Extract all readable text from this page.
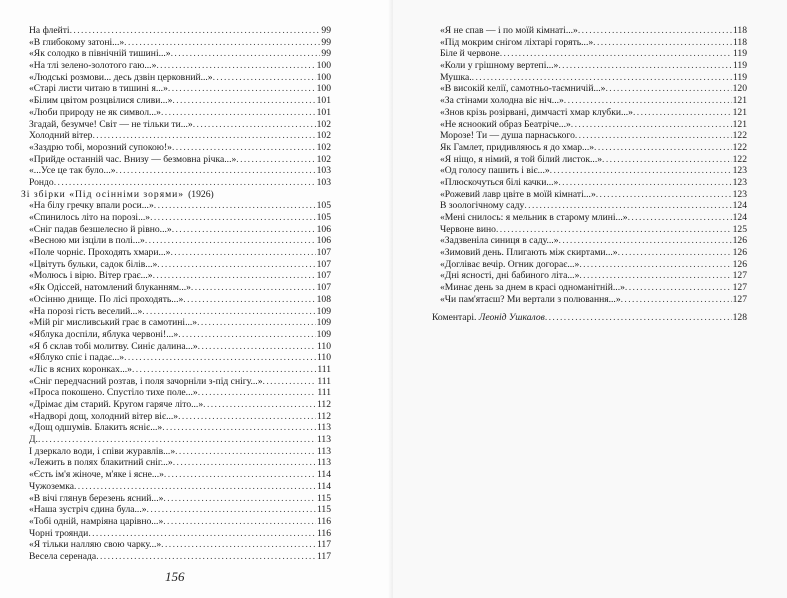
На флейті .....	99
«В глибокому затоні...» .....	99
«Як солодко в північній тишині...» .....	99
«На тлі зелено-золотого гаю...» .....	100
«Людські розмови... десь дзвін церковний...» .....	100
«Старі листи читаю в тишині я...» .....	100
«Білим цвітом розцвілися сливи...» .....	101
«Люби природу не як символ...» .....	101
Згадай, безумче! Світ — не тільки ти...» .....	102
Холодний вітер .....	102
«Заздрю тобі, морозний супокою!» .....	102
«Прийде останній час. Внизу — безмовна річка...» .....	102
«...Усе це так було...» .....	103
Рондо .....	103
Зі збірки «Під осінніми зорями» (1926)
«На білу гречку впали роси...» .....	105
«Спинилось літо на порозі...» .....	105
«Сніг падав безшелесно й рівно...» .....	106
«Весною ми ізціли в полі...» .....	106
«Поле чорніє. Проходять хмари...» .....	107
«Цвітуть бульки, садок білів...» .....	107
«Молюсь і вірю. Вітер грає...» .....	107
«Як Одіссей, натомлений блуканням...» .....	107
«Осінню днище. По лісі проходять...» .....	108
«На порозі гість веселий...» .....	109
«Мій ріг мисливський грає в самотині...» .....	109
«Яблука доспіли, яблука червоні!...» .....	109
«Я б склав тобі молитву. Синіє далина...» .....	110
«Яблуко спіє і падає...» .....	110
«Ліс в ясних коронках...» .....	111
«Сніг передчасний розтав, і поля зачорніли з-під снігу...» .....	111
«Проса покошено. Спустіло тихе поле...» .....	111
«Дрімає дім старий. Кругом гаряче літо...» .....	112
«Надворі дощ, холодний вітер віє...» .....	112
«Дощ одшумів. Блакить ясніє...» .....	113
Д. .....	113
І дзеркало води, і співи журавлів...» .....	113
«Лежить в полях блакитний сніг...» .....	113
«Єсть ім'я жіноче, м'яке і ясне...» .....	114
Чужоземка .....	114
«В вічі глянув березень ясний...» .....	115
«Наша зустріч єдина була...» .....	115
«Тобі одній, намріяна царівно...» .....	116
Чорні троянди .....	116
«Я тільки налляю свою чарку...» .....	117
Весела серенада .....	117
156
«Я не спав — і по моїй кімнаті...» .....	118
«Під мокрим снігом ліхтарі горять...» .....	118
Біле й червоне .....	119
«Коли у грішному вертепі...» .....	119
Мушка. .....	119
«В високій келії, самотньо-таємничій...» .....	120
«За стінами холодна віє ніч...» .....	121
«Знов крізь розірвані, димчасті хмар клубки...» .....	121
«Не ясноокий образ Беатріче...» .....	121
Морозе! Ти — душа парнаського .....	122
Як Гамлет, придивляюсь я до хмар...» .....	122
«Я ніщо, я німий, я той білий листок...» .....	122
«Од голосу пашить і віє...» .....	123
«Плюскочуться білі качки...» .....	123
«Рожевий лавр цвіте в моїй кімнаті...» .....	123
В зоологічному саду .....	124
«Мені снилось: я мельник в старому млині...» .....	124
Червоне вино .....	125
«Задзвеніла синиця в саду...» .....	126
«Зимовий день. Плигають між скиртами...» .....	126
«Догліває вечір. Огник догорає...» .....	126
«Дні ясності, дні бабиного літа...» .....	127
«Минає день за днем в красі одноманітній...» .....	127
«Чи пам'ятаєш? Ми вертали з полювання...» .....	127
Коментарі. Леонід Ушкалов .....	128
